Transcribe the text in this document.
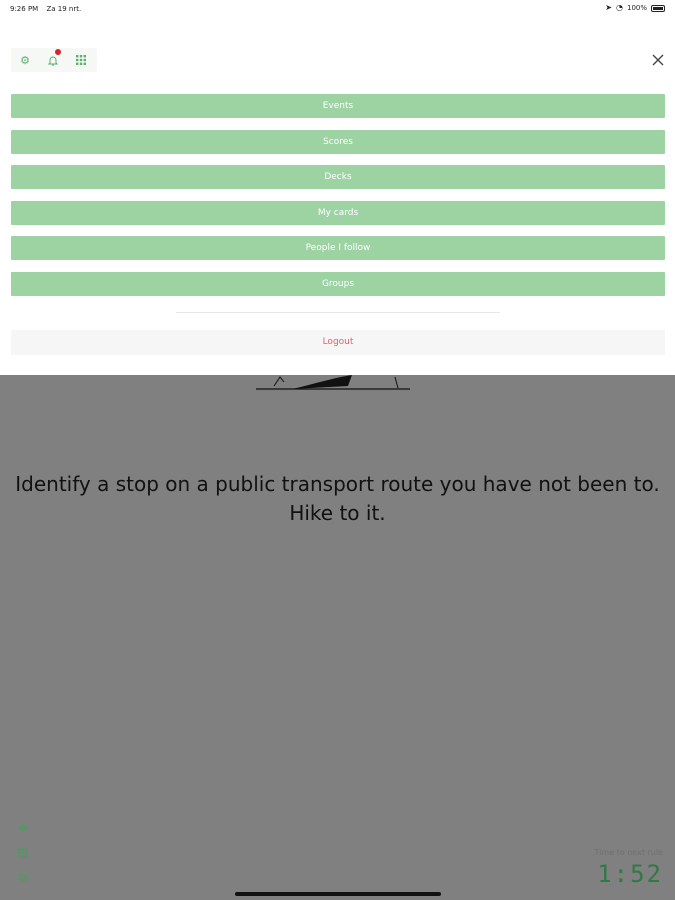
9:26 PM Za 19 nrt.	➤ ◔ 100%
⚙
Events
Scores
Decks
My cards
People I follow
Groups
Logout
Identify a stop on a public transport route you have not been to. Hike to it.
✚
Time to next rule
1:52
